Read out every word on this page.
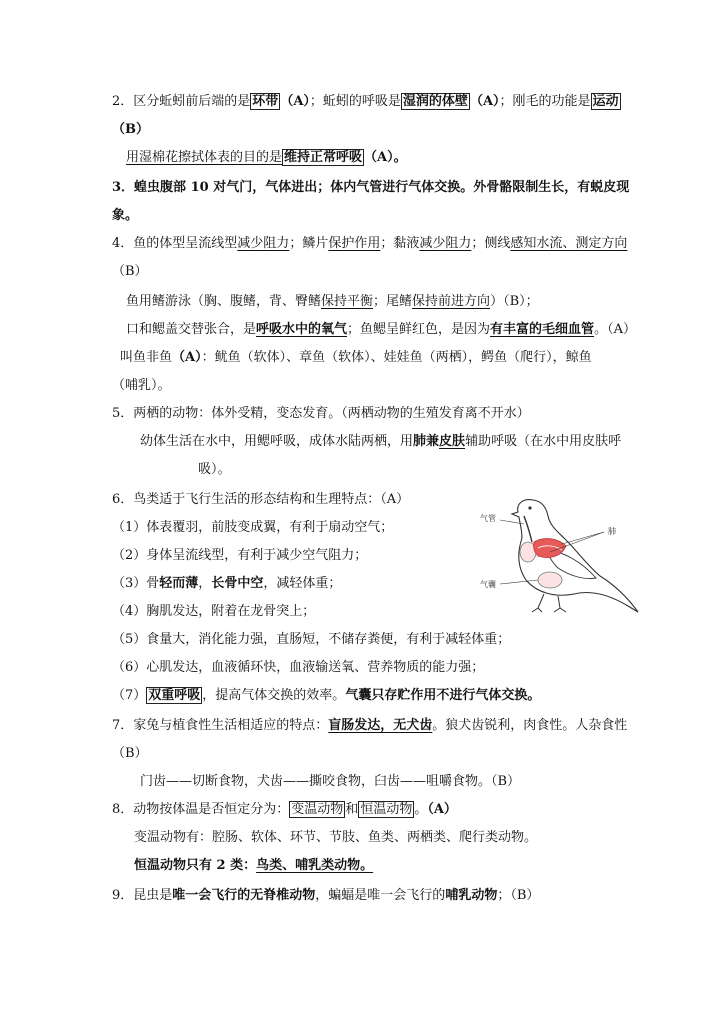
2．区分蚯蚓前后端的是 环带 （A）；蚯蚓的呼吸是 湿润的体壁 （A）；刚毛的功能是 运动
（B）
用湿棉花擦拭体表的目的是 维持正常呼吸 （A）。
3．蝗虫腹部 10 对气门，气体进出；体内气管进行气体交换。外骨骼限制生长，有蜕皮现
象。
4．鱼的体型呈流线型减少阻力；鳞片保护作用；黏液减少阻力；侧线感知水流、测定方向
（B）
鱼用鳍游泳（胸、腹鳍，背、臀鳍保持平衡；尾鳍保持前进方向）（B）；
口和鳃盖交替张合，是呼吸水中的氧气；鱼鳃呈鲜红色，是因为有丰富的毛细血管。（A）
叫鱼非鱼（A）：鱿鱼（软体）、章鱼（软体）、娃娃鱼（两栖），鳄鱼（爬行），鲸鱼
（哺乳）。
5．两栖的动物：体外受精，变态发育。（两栖动物的生殖发育离不开水）
幼体生活在水中，用鳃呼吸，成体水陆两栖，用肺兼皮肤辅助呼吸（在水中用皮肤呼
吸）。
6．鸟类适于飞行生活的形态结构和生理特点：（A）
（1）体表覆羽，前肢变成翼，有利于扇动空气；
（2）身体呈流线型，有利于减少空气阻力；
（3）骨轻而薄，长骨中空，减轻体重；
（4）胸肌发达，附着在龙骨突上；
（5）食量大，消化能力强，直肠短，不储存粪便，有利于减轻体重；
（6）心肌发达，血液循环快，血液输送氧、营养物质的能力强；
（7） 双重呼吸 ，提高气体交换的效率。气囊只存贮作用不进行气体交换。
气管
肺
气囊
7．家兔与植食性生活相适应的特点：盲肠发达，无犬齿。狼犬齿锐利，肉食性。人杂食性
（B）
门齿——切断食物，犬齿——撕咬食物，臼齿——咀嚼食物。（B）
8．动物按体温是否恒定分为： 变温动物 和 恒温动物 。（A）
变温动物有：腔肠、软体、环节、节肢、鱼类、两栖类、爬行类动物。
恒温动物只有 2 类：鸟类、哺乳类动物。
9．昆虫是唯一会飞行的无脊椎动物，蝙蝠是唯一会飞行的哺乳动物；（B）
